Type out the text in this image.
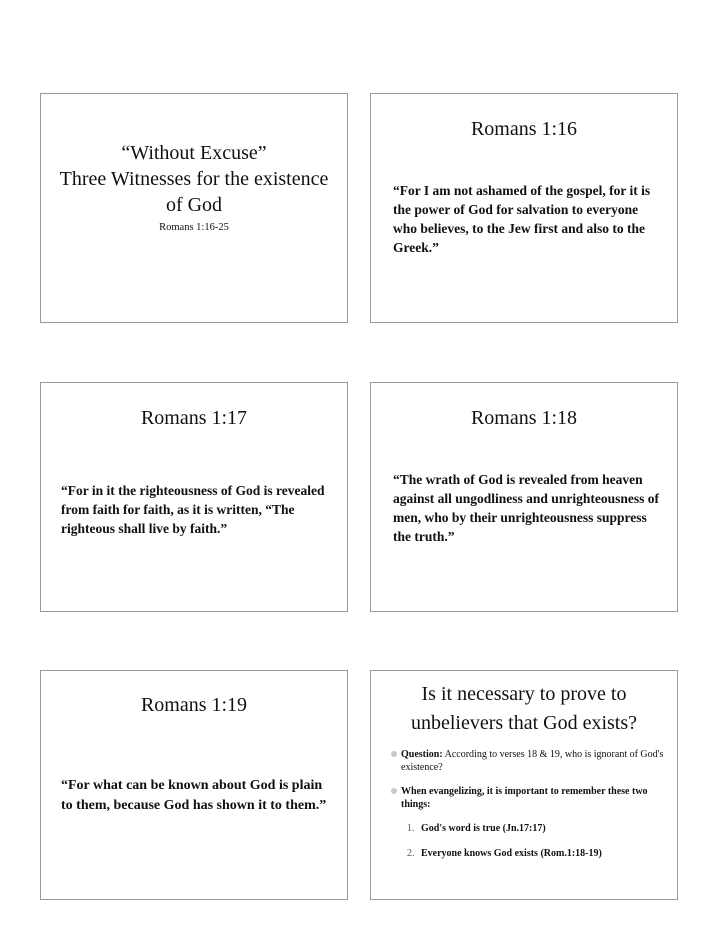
“Without Excuse”
Three Witnesses for the existence of God
Romans 1:16-25
Romans 1:16
“For I am not ashamed of the gospel, for it is the power of God for salvation to everyone who believes, to the Jew first and also to the Greek.”
Romans 1:17
“For in it the righteousness of God is revealed from faith for faith, as it is written, “The righteous shall live by faith.”
Romans 1:18
“The wrath of God is revealed from heaven against all ungodliness and unrighteousness of men, who by their unrighteousness suppress the truth.”
Romans 1:19
“For what can be known about God is plain to them, because God has shown it to them.”
Is it necessary to prove to unbelievers that God exists?
Question: According to verses 18 & 19, who is ignorant of God's existence?
When evangelizing, it is important to remember these two things:
1. God's word is true (Jn.17:17)
2. Everyone knows God exists (Rom.1:18-19)
